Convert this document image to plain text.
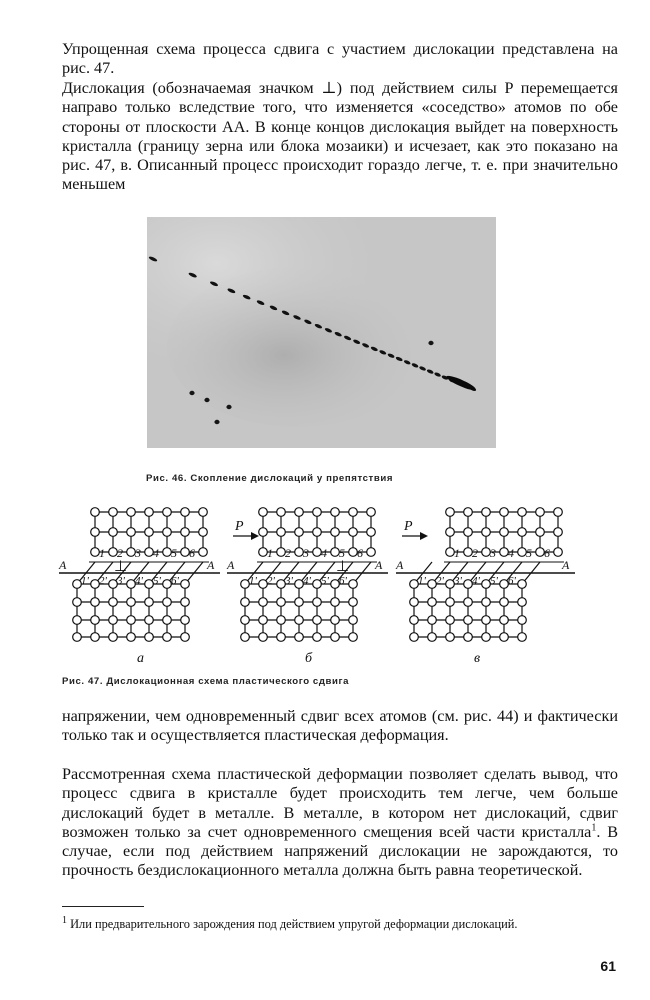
Упрощенная схема процесса сдвига с участием дислокации представлена на рис. 47.

Дислокация (обозначаемая значком ⊥) под действием силы P перемещается направо только вследствие того, что изменяется «соседство» атомов по обе стороны от плоскости AA. В конце концов дислокация выйдет на поверхность кристалла (границу зерна или блока мозаики) и исчезает, как это показано на рис. 47, в. Описанный процесс происходит гораздо легче, т. е. при значительно меньшем

Рис. 46. Скопление дислокаций у препятствия
1 2 3 4 5 6
A	A
1' 2' 3' 4' 5' 6'
⊥
а
1 2 3 4 5 6
A	A
1' 2' 3' 4' 5' 6'
⊥
P
б
1 2 3 4 5 6
A	A
1' 2' 3' 4' 5' 6'
P
в
Рис. 47. Дислокационная схема пластического сдвига

напряжении, чем одновременный сдвиг всех атомов (см. рис. 44) и фактически только так и осуществляется пластическая деформация.

Рассмотренная схема пластической деформации позволяет сделать вывод, что процесс сдвига в кристалле будет происходить тем легче, чем больше дислокаций будет в металле. В металле, в котором нет дислокаций, сдвиг возможен только за счет одновременного смещения всей части кристалла$^1$. В случае, если под действием напряжений дислокации не зарождаются, то прочность бездислокационного металла должна быть равна теоретической.

$^1$ Или предварительного зарождения под действием упругой деформации дислокаций.
61
